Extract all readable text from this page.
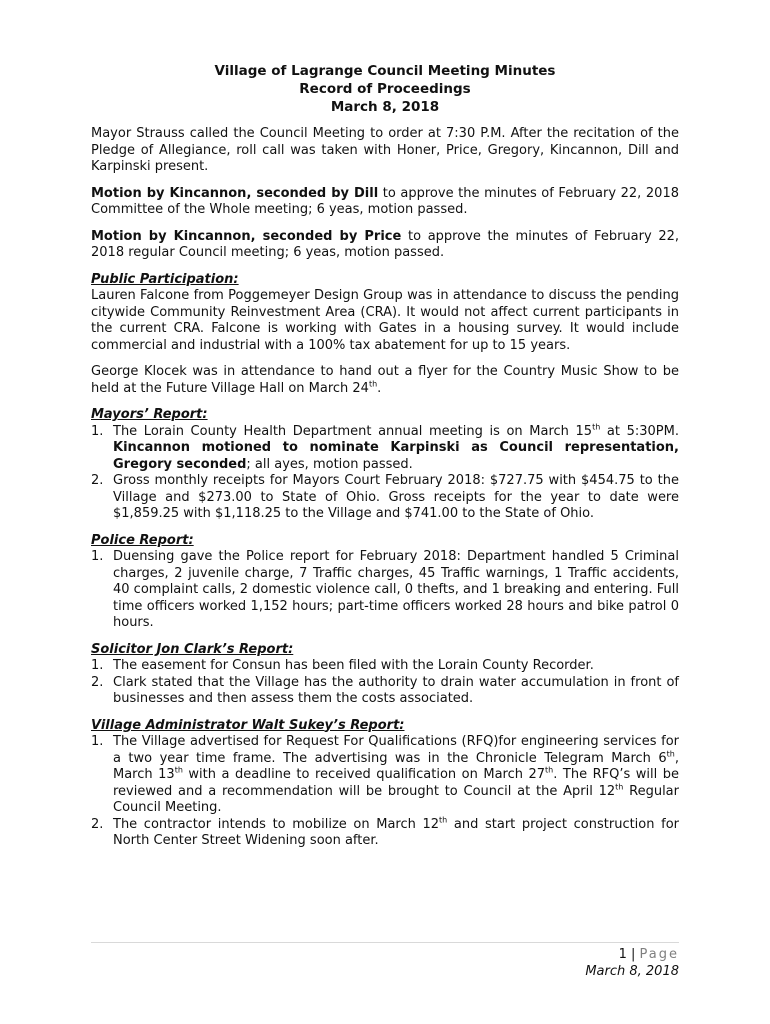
Village of Lagrange Council Meeting Minutes
Record of Proceedings
March 8, 2018

Mayor Strauss called the Council Meeting to order at 7:30 P.M. After the recitation of the Pledge of Allegiance, roll call was taken with Honer, Price, Gregory, Kincannon, Dill and Karpinski present.

Motion by Kincannon, seconded by Dill to approve the minutes of February 22, 2018 Committee of the Whole meeting; 6 yeas, motion passed.

Motion by Kincannon, seconded by Price to approve the minutes of February 22, 2018 regular Council meeting; 6 yeas, motion passed.

Public Participation:

Lauren Falcone from Poggemeyer Design Group was in attendance to discuss the pending citywide Community Reinvestment Area (CRA). It would not affect current participants in the current CRA. Falcone is working with Gates in a housing survey. It would include commercial and industrial with a 100% tax abatement for up to 15 years.

George Klocek was in attendance to hand out a flyer for the Country Music Show to be held at the Future Village Hall on March 24th.

Mayors’ Report:
1. The Lorain County Health Department annual meeting is on March 15th at 5:30PM. Kincannon motioned to nominate Karpinski as Council representation, Gregory seconded; all ayes, motion passed.
2. Gross monthly receipts for Mayors Court February 2018: $727.75 with $454.75 to the Village and $273.00 to State of Ohio. Gross receipts for the year to date were $1,859.25 with $1,118.25 to the Village and $741.00 to the State of Ohio.
Police Report:
1. Duensing gave the Police report for February 2018: Department handled 5 Criminal charges, 2 juvenile charge, 7 Traffic charges, 45 Traffic warnings, 1 Traffic accidents, 40 complaint calls, 2 domestic violence call, 0 thefts, and 1 breaking and entering. Full time officers worked 1,152 hours; part-time officers worked 28 hours and bike patrol 0 hours.
Solicitor Jon Clark’s Report:
1. The easement for Consun has been filed with the Lorain County Recorder.
2. Clark stated that the Village has the authority to drain water accumulation in front of businesses and then assess them the costs associated.
Village Administrator Walt Sukey’s Report:
1. The Village advertised for Request For Qualifications (RFQ)for engineering services for a two year time frame. The advertising was in the Chronicle Telegram March 6th, March 13th with a deadline to received qualification on March 27th. The RFQ’s will be reviewed and a recommendation will be brought to Council at the April 12th Regular Council Meeting.
2. The contractor intends to mobilize on March 12th and start project construction for North Center Street Widening soon after.
1 | Page
March 8, 2018
